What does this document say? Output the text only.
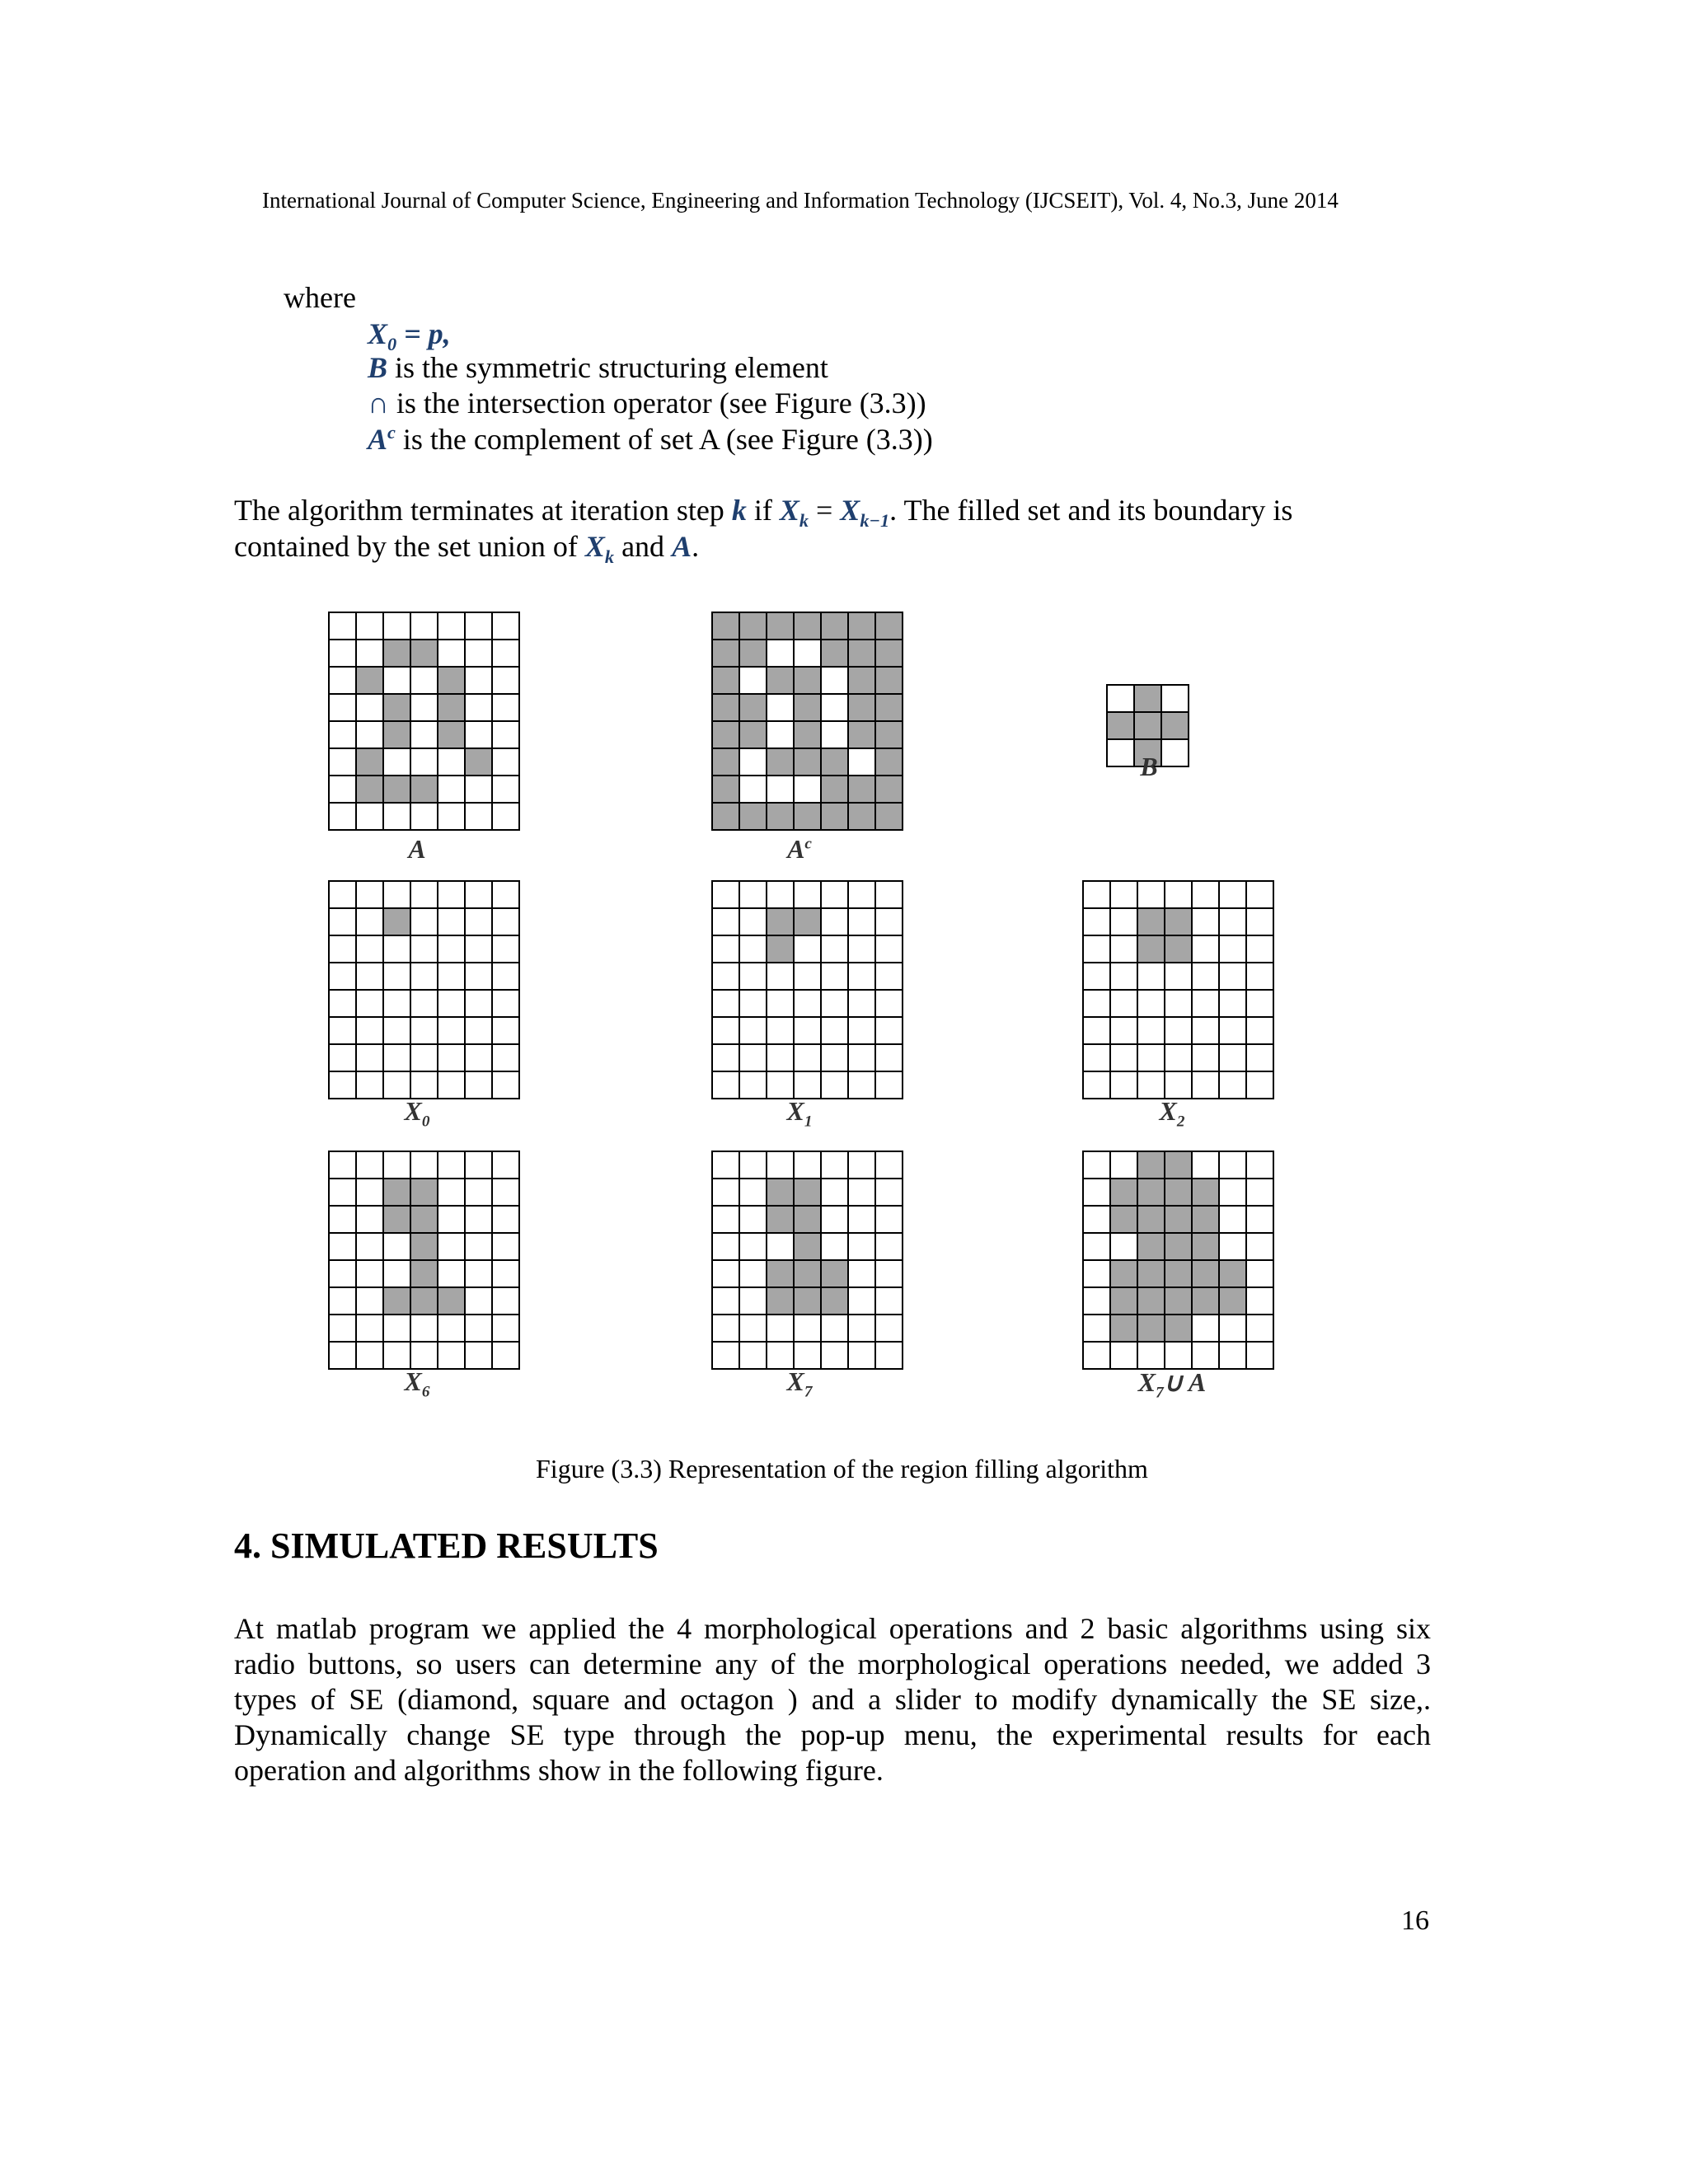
International Journal of Computer Science, Engineering and Information Technology (IJCSEIT), Vol. 4, No.3, June 2014
where
$X_0 = p$,
B is the symmetric structuring element
∩ is the intersection operator (see Figure (3.3))
$A^c$ is the complement of set A (see Figure (3.3))
The algorithm terminates at iteration step k if $X_k = X_{k-1}$. The filled set and its boundary is
contained by the set union of $X_k$ and A.
A	$A^c$
B
$X_0$	$X_1$	$X_2$
$X_6$	$X_7$	$X_7\cup$ A
Figure (3.3) Representation of the region filling algorithm
4. SIMULATED RESULTS
At matlab program we applied the 4 morphological operations and 2 basic algorithms using six
radio buttons, so users can determine any of the morphological operations needed, we added 3
types of SE (diamond, square and octagon ) and a slider to modify dynamically the SE size,.
Dynamically change SE type through the pop-up menu, the experimental results for each
operation and algorithms show in the following figure.
16
